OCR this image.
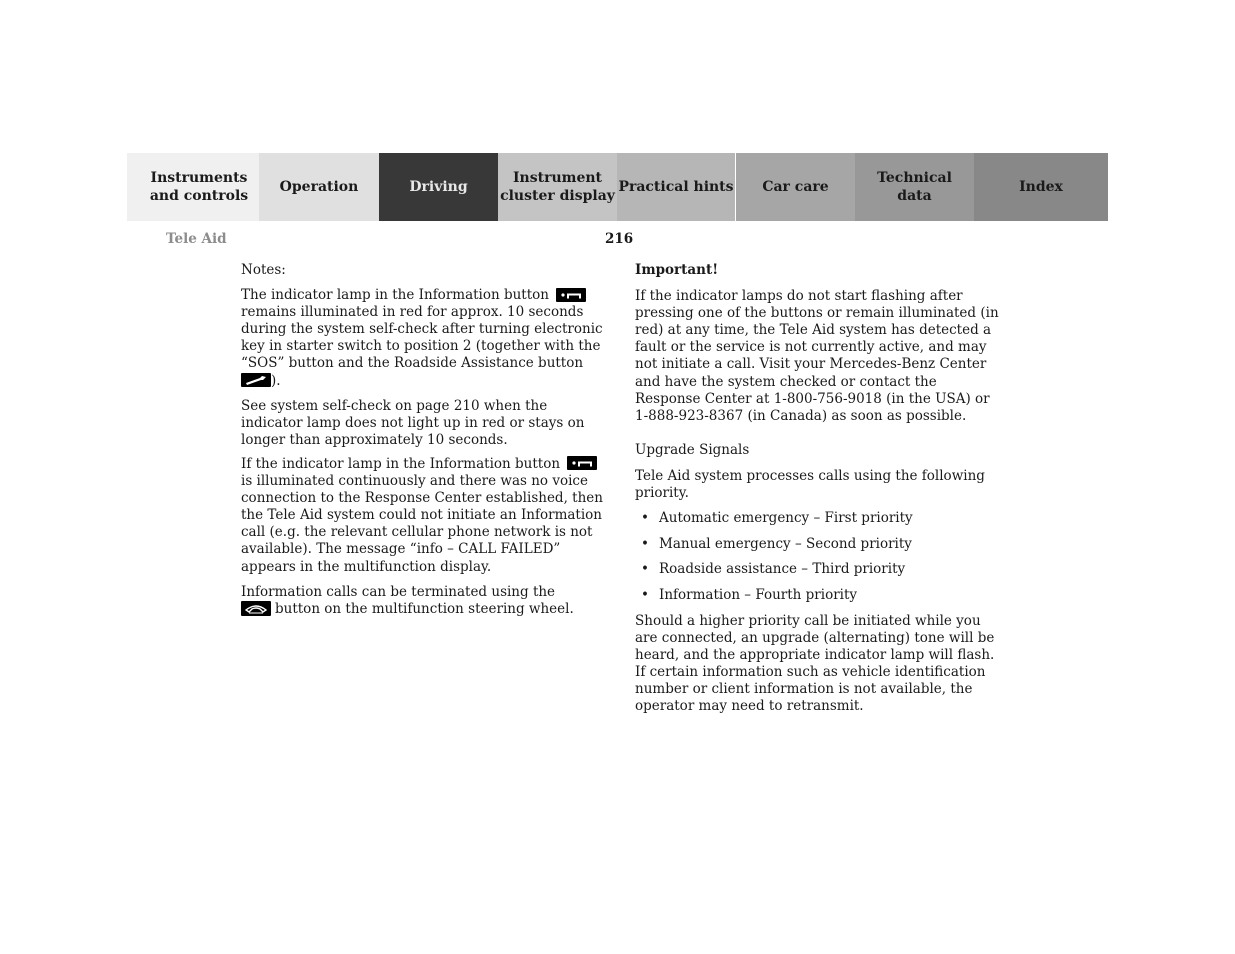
Instruments
and controls
Operation	Driving
Instrument
cluster display
Practical hints Car care
Technical
data
Index
Tele Aid	216

Notes:

The indicator lamp in the Information button
remains illuminated in red for approx. 10 seconds during the system self-check after turning electronic key in starter switch to position 2 (together with the “SOS” button and the Roadside Assistance button
).

See system self-check on page 210 when the indicator lamp does not light up in red or stays on longer than approximately 10 seconds.

If the indicator lamp in the Information button
is illuminated continuously and there was no voice connection to the Response Center established, then the Tele Aid system could not initiate an Information call (e.g. the relevant cellular phone network is not available). The message “info – CALL FAILED” appears in the multifunction display.

Information calls can be terminated using the

button on the multifunction steering wheel.

Important!

If the indicator lamps do not start flashing after pressing one of the buttons or remain illuminated (in red) at any time, the Tele Aid system has detected a fault or the service is not currently active, and may not initiate a call. Visit your Mercedes-Benz Center and have the system checked or contact the Response Center at 1-800-756-9018 (in the USA) or 1-888-923-8367 (in Canada) as soon as possible.

Upgrade Signals

Tele Aid system processes calls using the following priority.

• Automatic emergency – First priority
• Manual emergency – Second priority
• Roadside assistance – Third priority
• Information – Fourth priority

Should a higher priority call be initiated while you are connected, an upgrade (alternating) tone will be heard, and the appropriate indicator lamp will flash. If certain information such as vehicle identification number or client information is not available, the operator may need to retransmit.
